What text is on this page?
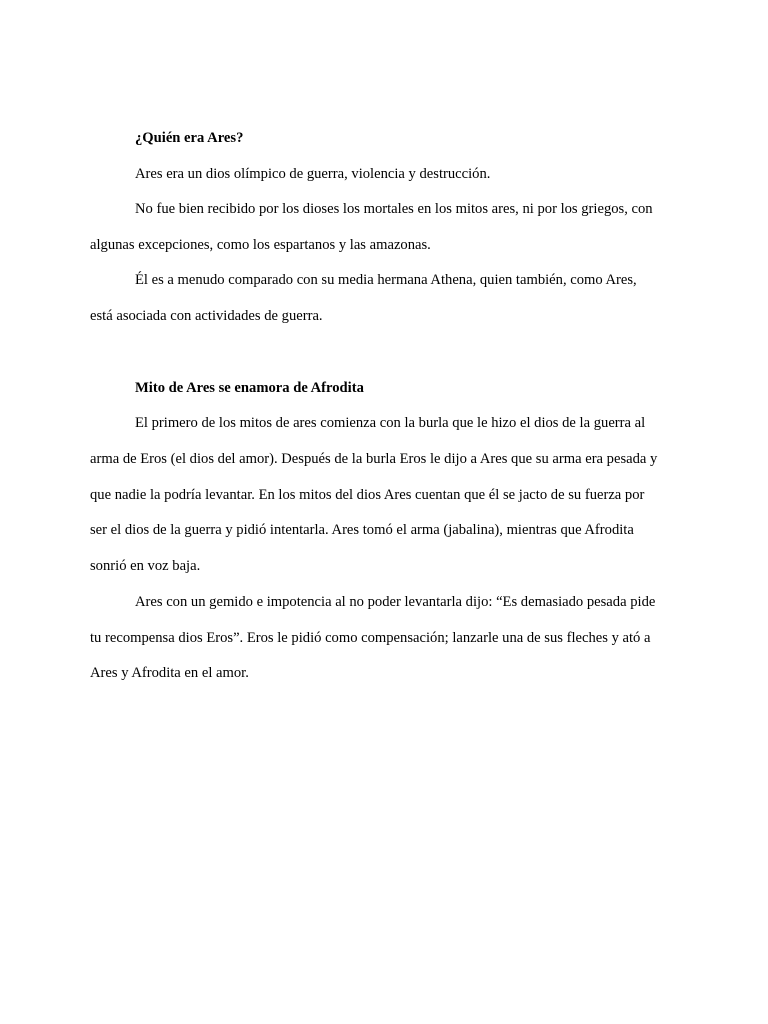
¿Quién era Ares?
Ares era un dios olímpico de guerra, violencia y destrucción.
No fue bien recibido por los dioses los mortales en los mitos ares, ni por los griegos, con
algunas excepciones, como los espartanos y las amazonas.
Él es a menudo comparado con su media hermana Athena, quien también, como Ares,
está asociada con actividades de guerra.
Mito de Ares se enamora de Afrodita
El primero de los mitos de ares comienza con la burla que le hizo el dios de la guerra al
arma de Eros (el dios del amor). Después de la burla Eros le dijo a Ares que su arma era pesada y
que nadie la podría levantar. En los mitos del dios Ares cuentan que él se jacto de su fuerza por
ser el dios de la guerra y pidió intentarla. Ares tomó el arma (jabalina), mientras que Afrodita
sonrió en voz baja.
Ares con un gemido e impotencia al no poder levantarla dijo: “Es demasiado pesada pide
tu recompensa dios Eros”. Eros le pidió como compensación; lanzarle una de sus fleches y ató a
Ares y Afrodita en el amor.
